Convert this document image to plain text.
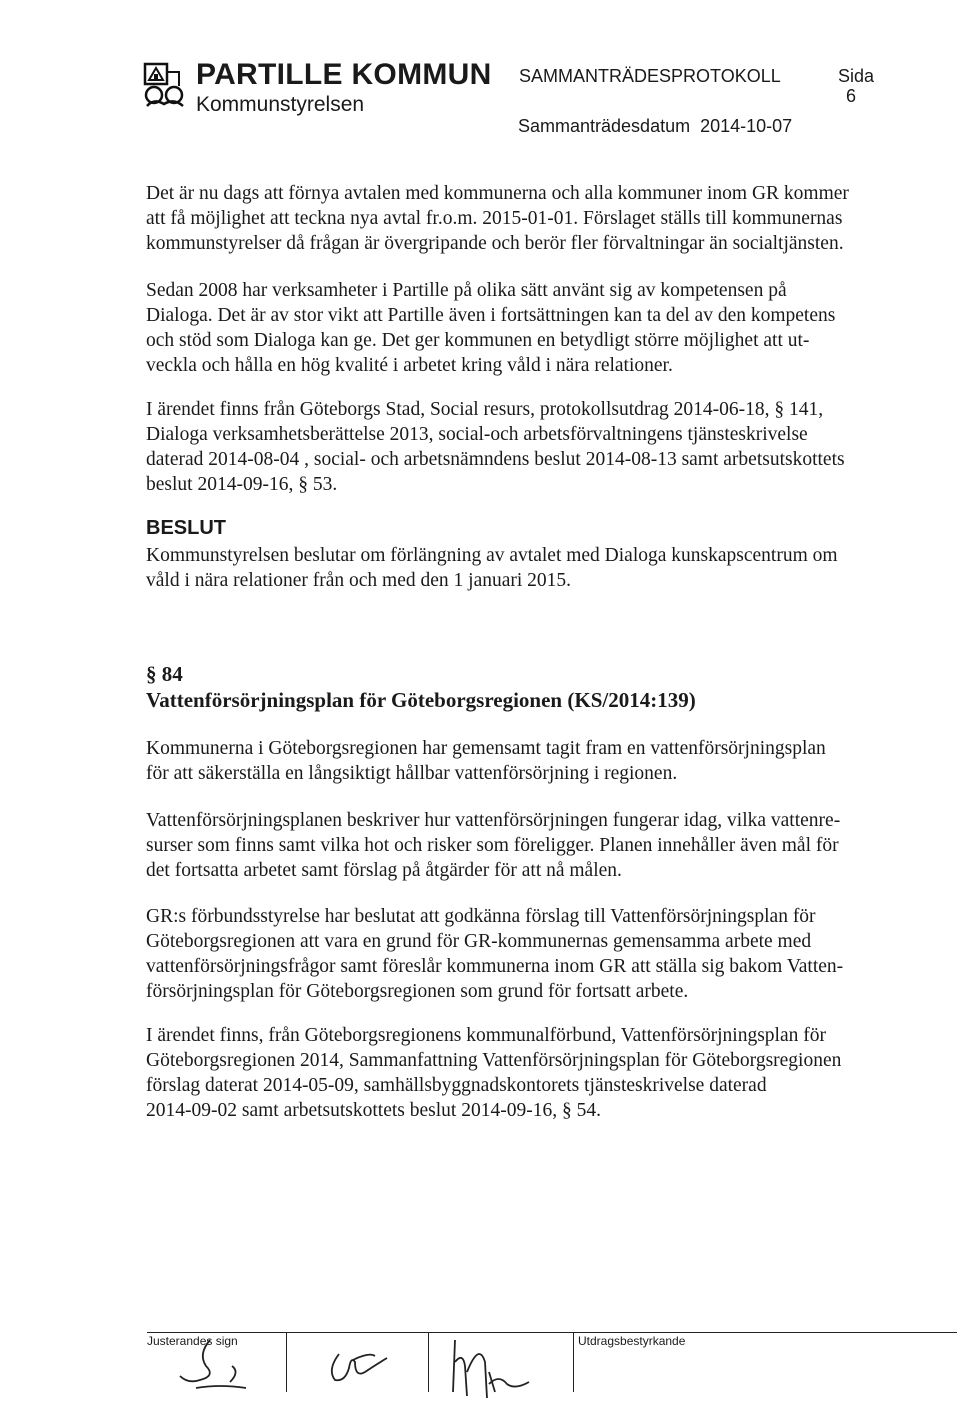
PARTILLE KOMMUN
Kommunstyrelsen
SAMMANTRÄDESPROTOKOLL	Sida
6
Sammanträdesdatum 2014-10-07
Det är nu dags att förnya avtalen med kommunerna och alla kommuner inom GR kommer
att få möjlighet att teckna nya avtal fr.o.m. 2015-01-01. Förslaget ställs till kommunernas
kommunstyrelser då frågan är övergripande och berör fler förvaltningar än socialtjänsten.
Sedan 2008 har verksamheter i Partille på olika sätt använt sig av kompetensen på
Dialoga. Det är av stor vikt att Partille även i fortsättningen kan ta del av den kompetens
och stöd som Dialoga kan ge. Det ger kommunen en betydligt större möjlighet att ut-
veckla och hålla en hög kvalité i arbetet kring våld i nära relationer.
I ärendet finns från Göteborgs Stad, Social resurs, protokollsutdrag 2014-06-18, § 141,
Dialoga verksamhetsberättelse 2013, social-och arbetsförvaltningens tjänsteskrivelse
daterad 2014-08-04 , social- och arbetsnämndens beslut 2014-08-13 samt arbetsutskottets
beslut 2014-09-16, § 53.
BESLUT
Kommunstyrelsen beslutar om förlängning av avtalet med Dialoga kunskapscentrum om
våld i nära relationer från och med den 1 januari 2015.
§ 84
Vattenförsörjningsplan för Göteborgsregionen (KS/2014:139)
Kommunerna i Göteborgsregionen har gemensamt tagit fram en vattenförsörjningsplan
för att säkerställa en långsiktigt hållbar vattenförsörjning i regionen.
Vattenförsörjningsplanen beskriver hur vattenförsörjningen fungerar idag, vilka vattenre-
surser som finns samt vilka hot och risker som föreligger. Planen innehåller även mål för
det fortsatta arbetet samt förslag på åtgärder för att nå målen.
GR:s förbundsstyrelse har beslutat att godkänna förslag till Vattenförsörjningsplan för
Göteborgsregionen att vara en grund för GR-kommunernas gemensamma arbete med
vattenförsörjningsfrågor samt föreslår kommunerna inom GR att ställa sig bakom Vatten-
försörjningsplan för Göteborgsregionen som grund för fortsatt arbete.
I ärendet finns, från Göteborgsregionens kommunalförbund, Vattenförsörjningsplan för
Göteborgsregionen 2014, Sammanfattning Vattenförsörjningsplan för Göteborgsregionen
förslag daterat 2014-05-09, samhällsbyggnadskontorets tjänsteskrivelse daterad
2014-09-02 samt arbetsutskottets beslut 2014-09-16, § 54.
Justerandes sign	Utdragsbestyrkande
